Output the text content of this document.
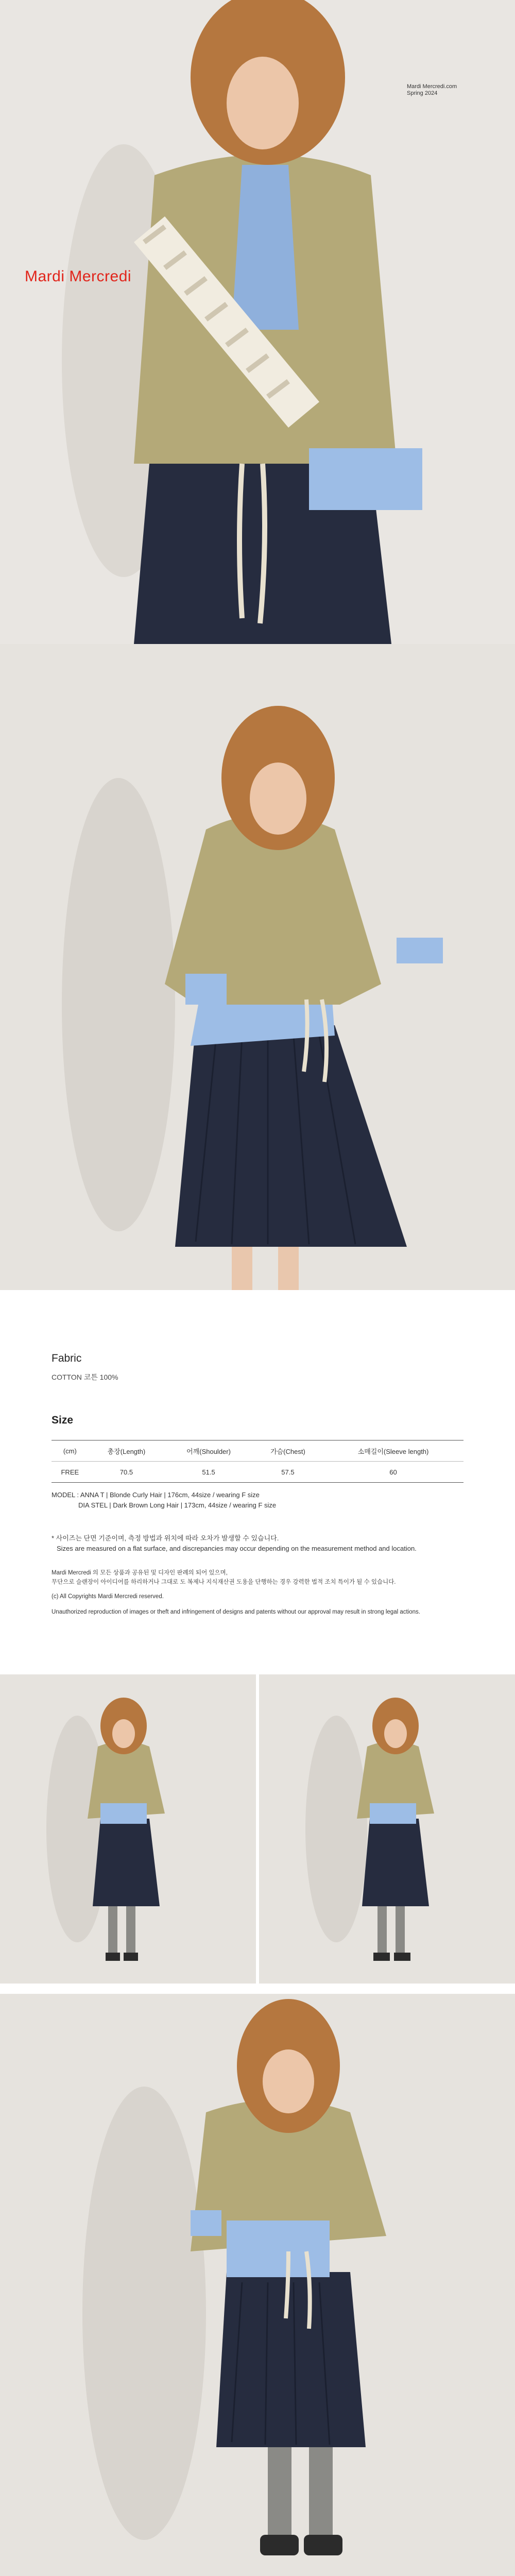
Mardi Mercredi
Mardi Mercredi.com
Spring 2024
Fabric
COTTON 코튼 100%
Size
(cm)	총장(Length)	어깨(Shoulder)	가슴(Chest)	소매길이(Sleeve length)
FREE	70.5	51.5	57.5	60
MODEL : ANNA T | Blonde Curly Hair | 176cm, 44size / wearing F size
DIA STEL | Dark Brown Long Hair | 173cm, 44size / wearing F size
* 사이즈는 단면 기준이며, 측정 방법과 위치에 따라 오차가 발생할 수 있습니다.
Sizes are measured on a flat surface, and discrepancies may occur depending on the measurement method and location.
Mardi Mercredi 의 모든 상품과 공유된 및 디자인 판례의 되어 있으며,

무단으로 슬랜장이 아이디어를 하리하거나 그대로 도 복제나 지식재산권 도용을 단행하는 경우 강력한 법적 조치 특이가 될 수 있습니다.

(c) All Copyrights Mardi Mercredi reserved.
Unauthorized reproduction of images or theft and infringement of designs and patents without our approval may result in strong legal actions.
